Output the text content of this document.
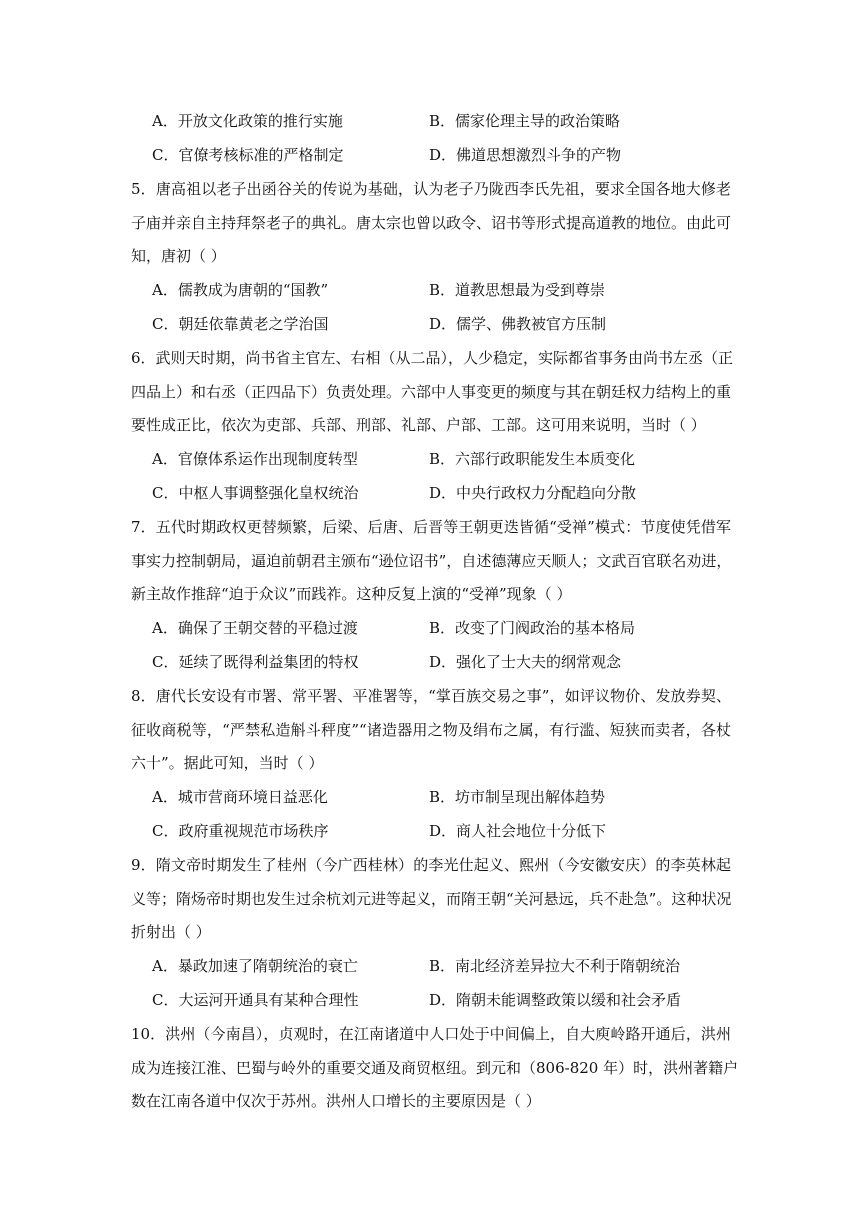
A．开放文化政策的推行实施	B．儒家伦理主导的政治策略
C．官僚考核标准的严格制定	D．佛道思想激烈斗争的产物
5．唐高祖以老子出函谷关的传说为基础，认为老子乃陇西李氏先祖，要求全国各地大修老
子庙并亲自主持拜祭老子的典礼。唐太宗也曾以政令、诏书等形式提高道教的地位。由此可
知，唐初（ ）
A．儒教成为唐朝的“国教”	B．道教思想最为受到尊崇
C．朝廷依靠黄老之学治国	D．儒学、佛教被官方压制
6．武则天时期，尚书省主官左、右相（从二品），人少稳定，实际都省事务由尚书左丞（正
四品上）和右丞（正四品下）负责处理。六部中人事变更的频度与其在朝廷权力结构上的重
要性成正比，依次为吏部、兵部、刑部、礼部、户部、工部。这可用来说明，当时（ ）
A．官僚体系运作出现制度转型	B．六部行政职能发生本质变化
C．中枢人事调整强化皇权统治	D．中央行政权力分配趋向分散
7．五代时期政权更替频繁，后梁、后唐、后晋等王朝更迭皆循“受禅”模式：节度使凭借军
事实力控制朝局，逼迫前朝君主颁布“逊位诏书”，自述德薄应天顺人；文武百官联名劝进，
新主故作推辞“迫于众议”而践祚。这种反复上演的“受禅”现象（ ）
A．确保了王朝交替的平稳过渡	B．改变了门阀政治的基本格局
C．延续了既得利益集团的特权	D．强化了士大夫的纲常观念
8．唐代长安设有市署、常平署、平准署等，“掌百族交易之事”，如评议物价、发放券契、
征收商税等，“严禁私造斛斗秤度”“诸造器用之物及绢布之属，有行滥、短狭而卖者，各杖
六十”。据此可知，当时（ ）
A．城市营商环境日益恶化	B．坊市制呈现出解体趋势
C．政府重视规范市场秩序	D．商人社会地位十分低下
9．隋文帝时期发生了桂州（今广西桂林）的李光仕起义、熙州（今安徽安庆）的李英林起
义等；隋炀帝时期也发生过余杭刘元进等起义，而隋王朝“关河悬远，兵不赴急”。这种状况
折射出（ ）
A．暴政加速了隋朝统治的衰亡	B．南北经济差异拉大不利于隋朝统治
C．大运河开通具有某种合理性	D．隋朝未能调整政策以缓和社会矛盾
10．洪州（今南昌），贞观时，在江南诸道中人口处于中间偏上，自大庾岭路开通后，洪州
成为连接江淮、巴蜀与岭外的重要交通及商贸枢纽。到元和（806-820 年）时，洪州著籍户
数在江南各道中仅次于苏州。洪州人口增长的主要原因是（ ）
